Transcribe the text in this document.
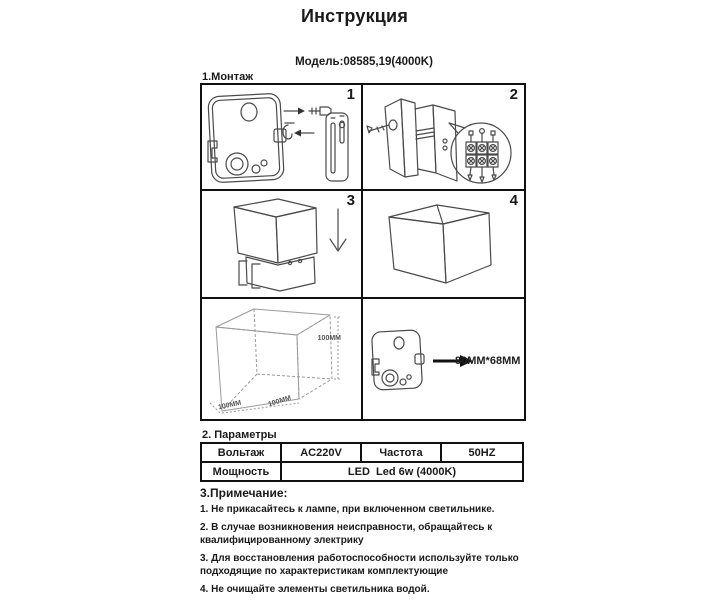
Инструкция
Модель:08585,19(4000K)
1.Монтаж
1	2
3	4
100MM
100MM
100MM
80MM*68MM
2. Параметры
Вольтаж	AC220V	Частота	50HZ
Мощность	LED  Led 6w (4000K)		
3.Примечание:
1. Не прикасайтесь к лампе, при включенном светильнике.
2. В случае возникновения неисправности, обращайтесь к квалифицированному электрику
3. Для восстановления работоспособности используйте только подходящие по характеристикам комплектующие
4. Не очищайте элементы светильника водой.
